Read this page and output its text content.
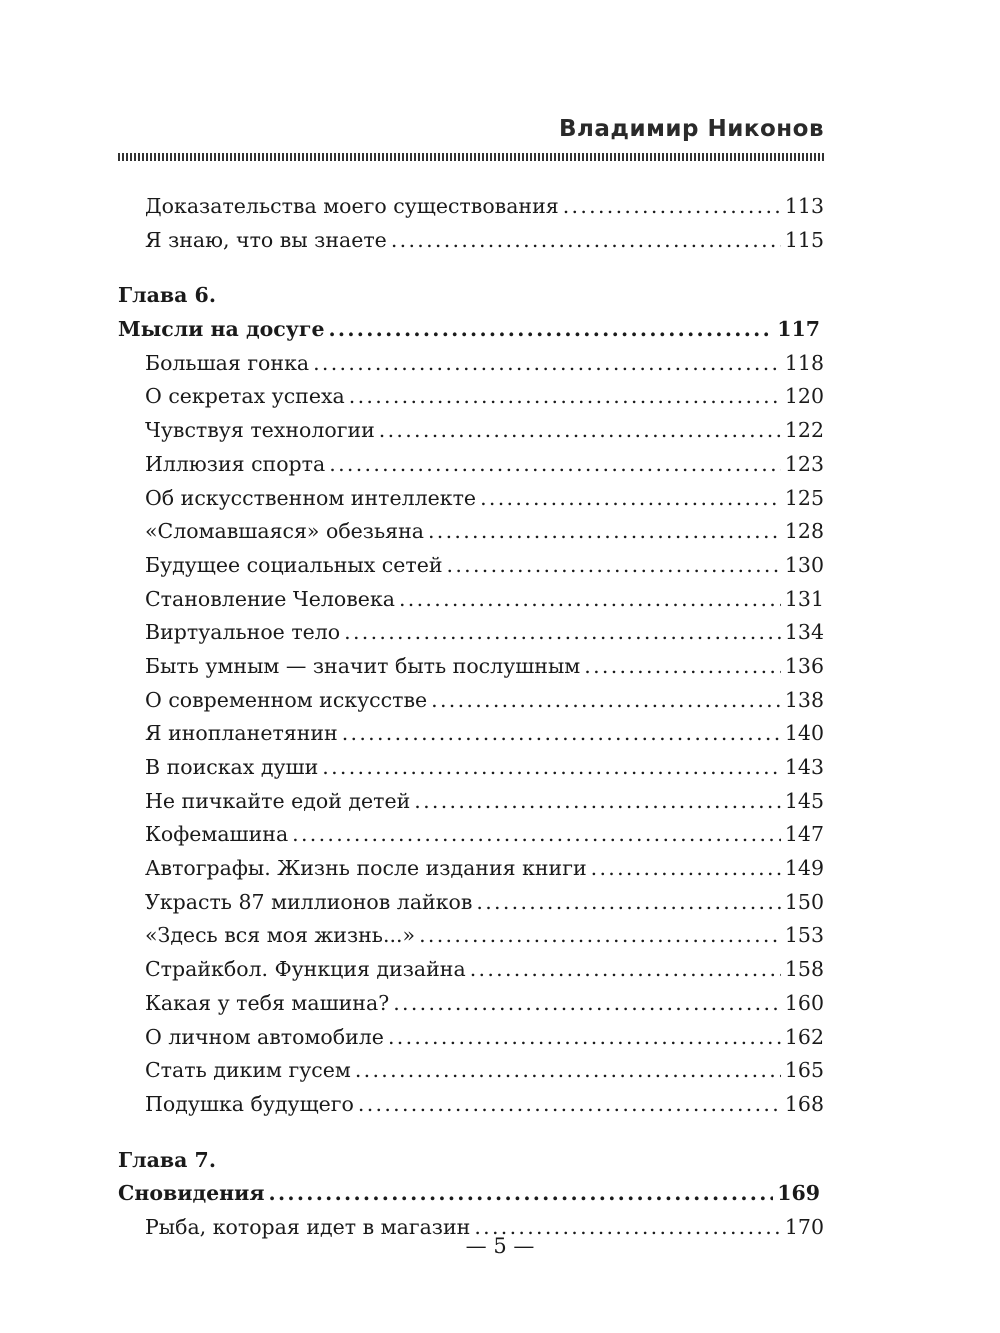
Владимир Никонов
Доказательства моего существования .....	113
Я знаю, что вы знаете .....	115
Глава 6.
Мысли на досуге .....	117
Большая гонка .....	118
О секретах успеха .....	120
Чувствуя технологии .....	122
Иллюзия спорта .....	123
Об искусственном интеллекте .....	125
«Сломавшаяся» обезьяна .....	128
Будущее социальных сетей .....	130
Становление Человека .....	131
Виртуальное тело .....	134
Быть умным — значит быть послушным .....	136
О современном искусстве .....	138
Я инопланетянин .....	140
В поисках души .....	143
Не пичкайте едой детей .....	145
Кофемашина .....	147
Автографы. Жизнь после издания книги .....	149
Украсть 87 миллионов лайков .....	150
«Здесь вся моя жизнь...» .....	153
Страйкбол. Функция дизайна .....	158
Какая у тебя машина? .....	160
О личном автомобиле .....	162
Стать диким гусем .....	165
Подушка будущего .....	168
Глава 7.
Сновидения .....	169
Рыба, которая идет в магазин .....	170
— 5 —
